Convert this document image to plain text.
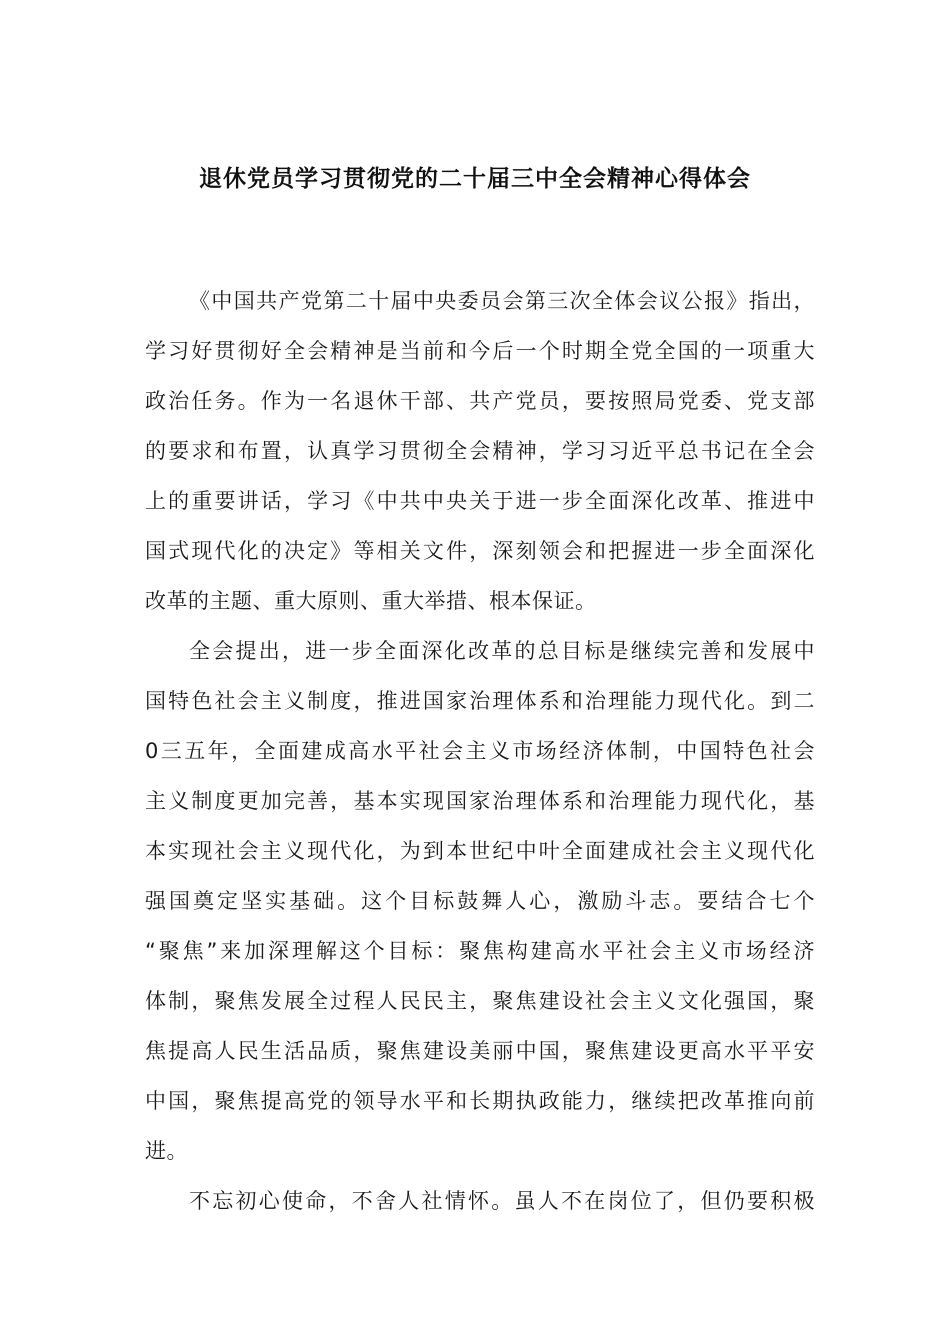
退休党员学习贯彻党的二十届三中全会精神心得体会
《中国共产党第二十届中央委员会第三次全体会议公报》指出，
学习好贯彻好全会精神是当前和今后一个时期全党全国的一项重大
政治任务。作为一名退休干部、共产党员，要按照局党委、党支部
的要求和布置，认真学习贯彻全会精神，学习习近平总书记在全会
上的重要讲话，学习《中共中央关于进一步全面深化改革、推进中
国式现代化的决定》等相关文件，深刻领会和把握进一步全面深化
改革的主题、重大原则、重大举措、根本保证。
全会提出，进一步全面深化改革的总目标是继续完善和发展中
国特色社会主义制度，推进国家治理体系和治理能力现代化。到二
0三五年，全面建成高水平社会主义市场经济体制，中国特色社会
主义制度更加完善，基本实现国家治理体系和治理能力现代化，基
本实现社会主义现代化，为到本世纪中叶全面建成社会主义现代化
强国奠定坚实基础。这个目标鼓舞人心，激励斗志。要结合七个
“聚焦”来加深理解这个目标：聚焦构建高水平社会主义市场经济
体制，聚焦发展全过程人民民主，聚焦建设社会主义文化强国，聚
焦提高人民生活品质，聚焦建设美丽中国，聚焦建设更高水平平安
中国，聚焦提高党的领导水平和长期执政能力，继续把改革推向前
进。
不忘初心使命，不舍人社情怀。虽人不在岗位了，但仍要积极
